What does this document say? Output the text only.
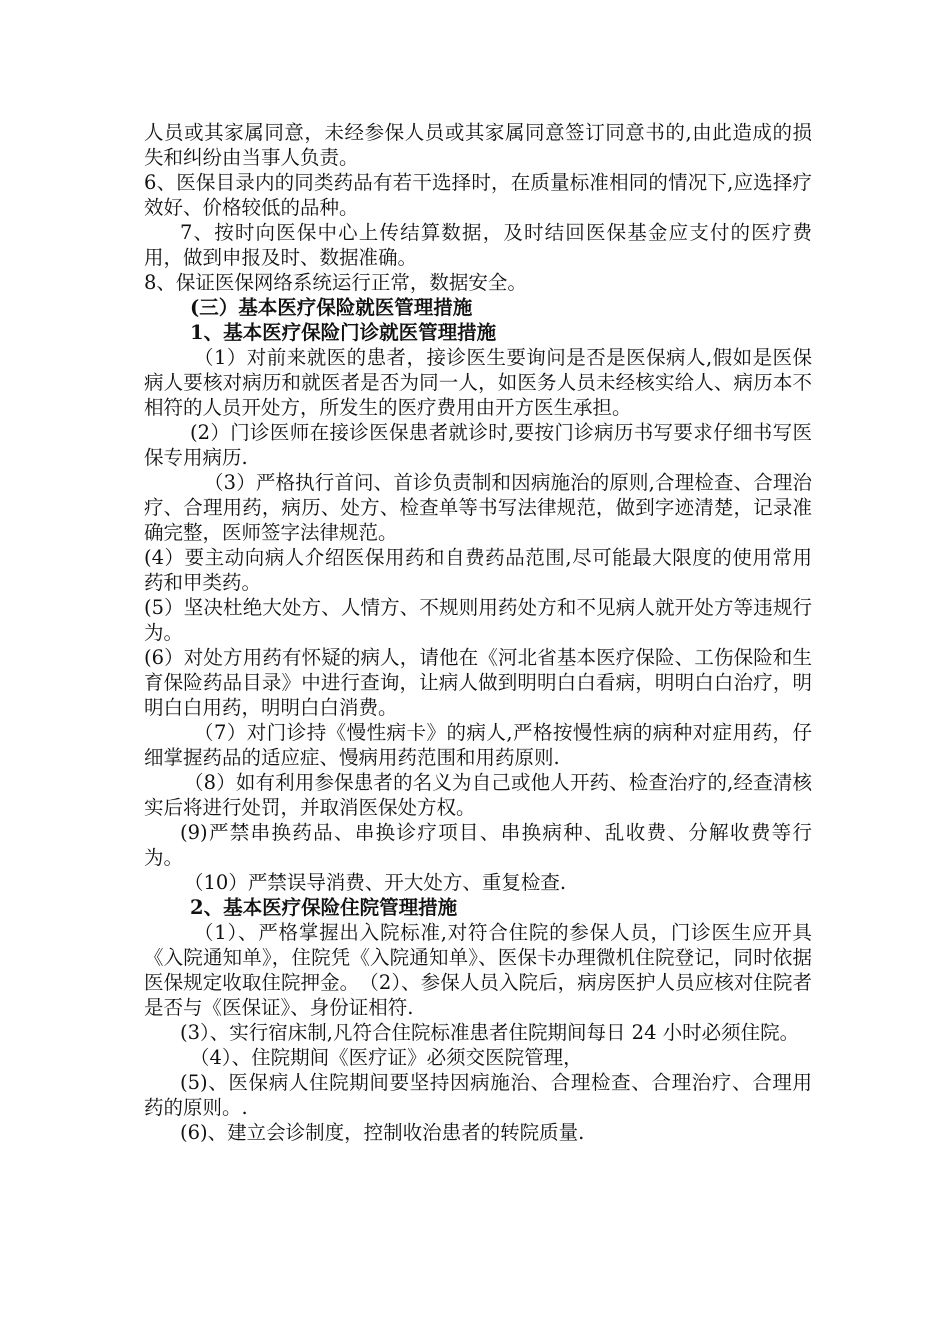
人员或其家属同意，未经参保人员或其家属同意签订同意书的,由此造成的损失和纠纷由当事人负责。

6、医保目录内的同类药品有若干选择时，在质量标准相同的情况下,应选择疗效好、价格较低的品种。

7、按时向医保中心上传结算数据，及时结回医保基金应支付的医疗费用，做到申报及时、数据准确。

8、保证医保网络系统运行正常，数据安全。

(三）基本医疗保险就医管理措施

1、基本医疗保险门诊就医管理措施

（1）对前来就医的患者，接诊医生要询问是否是医保病人,假如是医保病人要核对病历和就医者是否为同一人，如医务人员未经核实给人、病历本不相符的人员开处方，所发生的医疗费用由开方医生承担。

(2）门诊医师在接诊医保患者就诊时,要按门诊病历书写要求仔细书写医保专用病历.

（3）严格执行首问、首诊负责制和因病施治的原则,合理检查、合理治疗、合理用药，病历、处方、检查单等书写法律规范，做到字迹清楚，记录准确完整，医师签字法律规范。

(4）要主动向病人介绍医保用药和自费药品范围,尽可能最大限度的使用常用药和甲类药。

(5）坚决杜绝大处方、人情方、不规则用药处方和不见病人就开处方等违规行为。

(6）对处方用药有怀疑的病人，请他在《河北省基本医疗保险、工伤保险和生育保险药品目录》中进行查询，让病人做到明明白白看病，明明白白治疗，明明白白用药，明明白白消费。

（7）对门诊持《慢性病卡》的病人,严格按慢性病的病种对症用药，仔细掌握药品的适应症、慢病用药范围和用药原则.

（8）如有利用参保患者的名义为自己或他人开药、检查治疗的,经查清核实后将进行处罚，并取消医保处方权。

(9)严禁串换药品、串换诊疗项目、串换病种、乱收费、分解收费等行为。

（10）严禁误导消费、开大处方、重复检查.

2、基本医疗保险住院管理措施

（1）、严格掌握出入院标准,对符合住院的参保人员，门诊医生应开具《入院通知单》，住院凭《入院通知单》、医保卡办理微机住院登记，同时依据医保规定收取住院押金。　（2）、参保人员入院后，病房医护人员应核对住院者是否与《医保证》、身份证相符.

(3）、实行宿床制,凡符合住院标准患者住院期间每日 24 小时必须住院。

（4）、住院期间《医疗证》必须交医院管理，

(5)、医保病人住院期间要坚持因病施治、合理检查、合理治疗、合理用药的原则。.

(6)、建立会诊制度，控制收治患者的转院质量.
